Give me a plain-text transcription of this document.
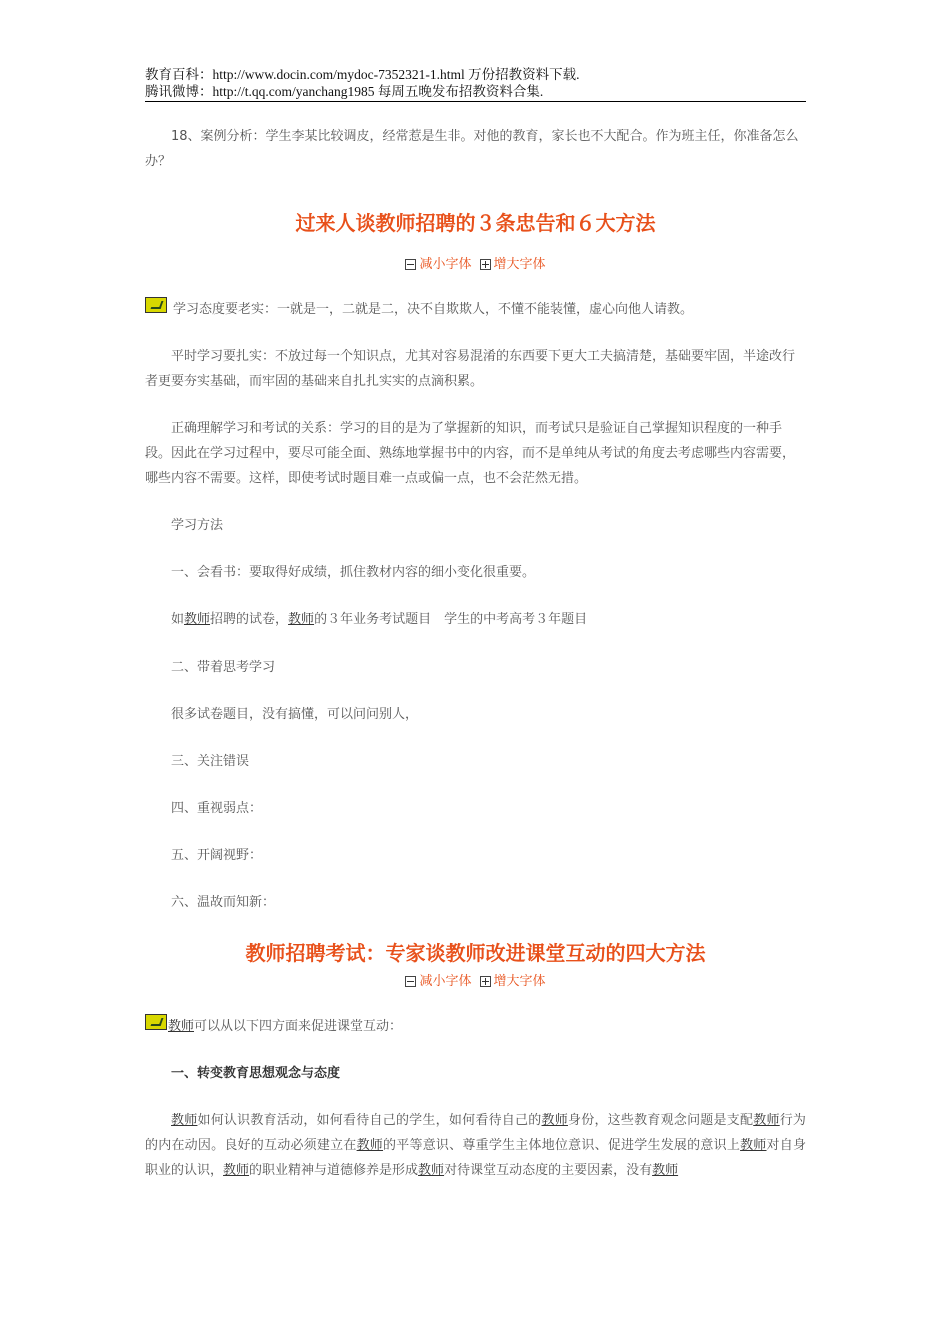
教育百科：http://www.docin.com/mydoc-7352321-1.html 万份招教资料下载.
腾讯微博：http://t.qq.com/yanchang1985 每周五晚发布招教资料合集.
18、案例分析：学生李某比较调皮，经常惹是生非。对他的教育，家长也不大配合。作为班主任，你准备怎么办？
过来人谈教师招聘的３条忠告和６大方法
减小字体 增大字体
学习态度要老实：一就是一，二就是二，决不自欺欺人，不懂不能装懂，虚心向他人请教。
平时学习要扎实：不放过每一个知识点，尤其对容易混淆的东西要下更大工夫搞清楚，基础要牢固，半途改行者更要夯实基础，而牢固的基础来自扎扎实实的点滴积累。
正确理解学习和考试的关系：学习的目的是为了掌握新的知识，而考试只是验证自己掌握知识程度的一种手段。因此在学习过程中，要尽可能全面、熟练地掌握书中的内容，而不是单纯从考试的角度去考虑哪些内容需要，哪些内容不需要。这样，即使考试时题目难一点或偏一点，也不会茫然无措。
学习方法
一、会看书：要取得好成绩，抓住教材内容的细小变化很重要。
如教师招聘的试卷，教师的３年业务考试题目　学生的中考高考３年题目
二、带着思考学习
很多试卷题目，没有搞懂，可以问问别人，
三、关注错误
四、重视弱点：
五、开阔视野：
六、温故而知新：
教师招聘考试：专家谈教师改进课堂互动的四大方法
减小字体 增大字体
教师可以从以下四方面来促进课堂互动：
一、转变教育思想观念与态度
教师如何认识教育活动，如何看待自己的学生，如何看待自己的教师身份，这些教育观念问题是支配教师行为的内在动因。良好的互动必须建立在教师的平等意识、尊重学生主体地位意识、促进学生发展的意识上教师对自身职业的认识，教师的职业精神与道德修养是形成教师对待课堂互动态度的主要因素，没有教师
